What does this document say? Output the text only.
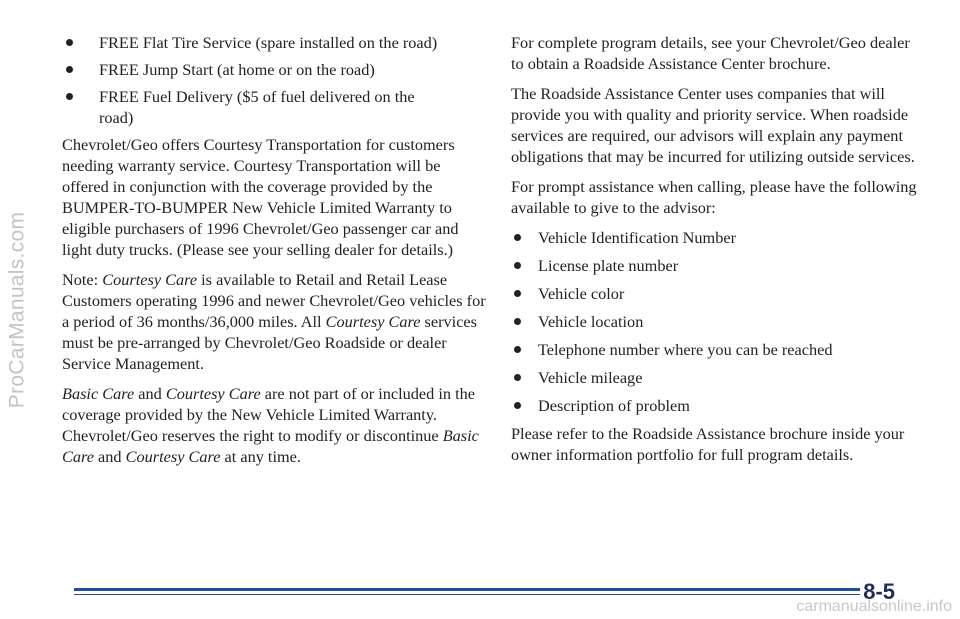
ProCarManuals.com
FREE Flat Tire Service (spare installed on the road)
FREE Jump Start (at home or on the road)
FREE Fuel Delivery ($5 of fuel delivered on the road)

Chevrolet/Geo offers Courtesy Transportation for customers needing warranty service. Courtesy Transportation will be offered in conjunction with the coverage provided by the BUMPER-TO-BUMPER New Vehicle Limited Warranty to eligible purchasers of 1996 Chevrolet/Geo passenger car and light duty trucks. (Please see your selling dealer for details.)

Note: Courtesy Care is available to Retail and Retail Lease Customers operating 1996 and newer Chevrolet/Geo vehicles for a period of 36 months/36,000 miles. All Courtesy Care services must be pre-arranged by Chevrolet/Geo Roadside or dealer Service Management.

Basic Care and Courtesy Care are not part of or included in the coverage provided by the New Vehicle Limited Warranty. Chevrolet/Geo reserves the right to modify or discontinue Basic Care and Courtesy Care at any time.

For complete program details, see your Chevrolet/Geo dealer to obtain a Roadside Assistance Center brochure.

The Roadside Assistance Center uses companies that will provide you with quality and priority service. When roadside services are required, our advisors will explain any payment obligations that may be incurred for utilizing outside services.

For prompt assistance when calling, please have the following available to give to the advisor:

Vehicle Identification Number
License plate number
Vehicle color
Vehicle location
Telephone number where you can be reached
Vehicle mileage
Description of problem

Please refer to the Roadside Assistance brochure inside your owner information portfolio for full program details.

8-5
carmanualsonline.info
